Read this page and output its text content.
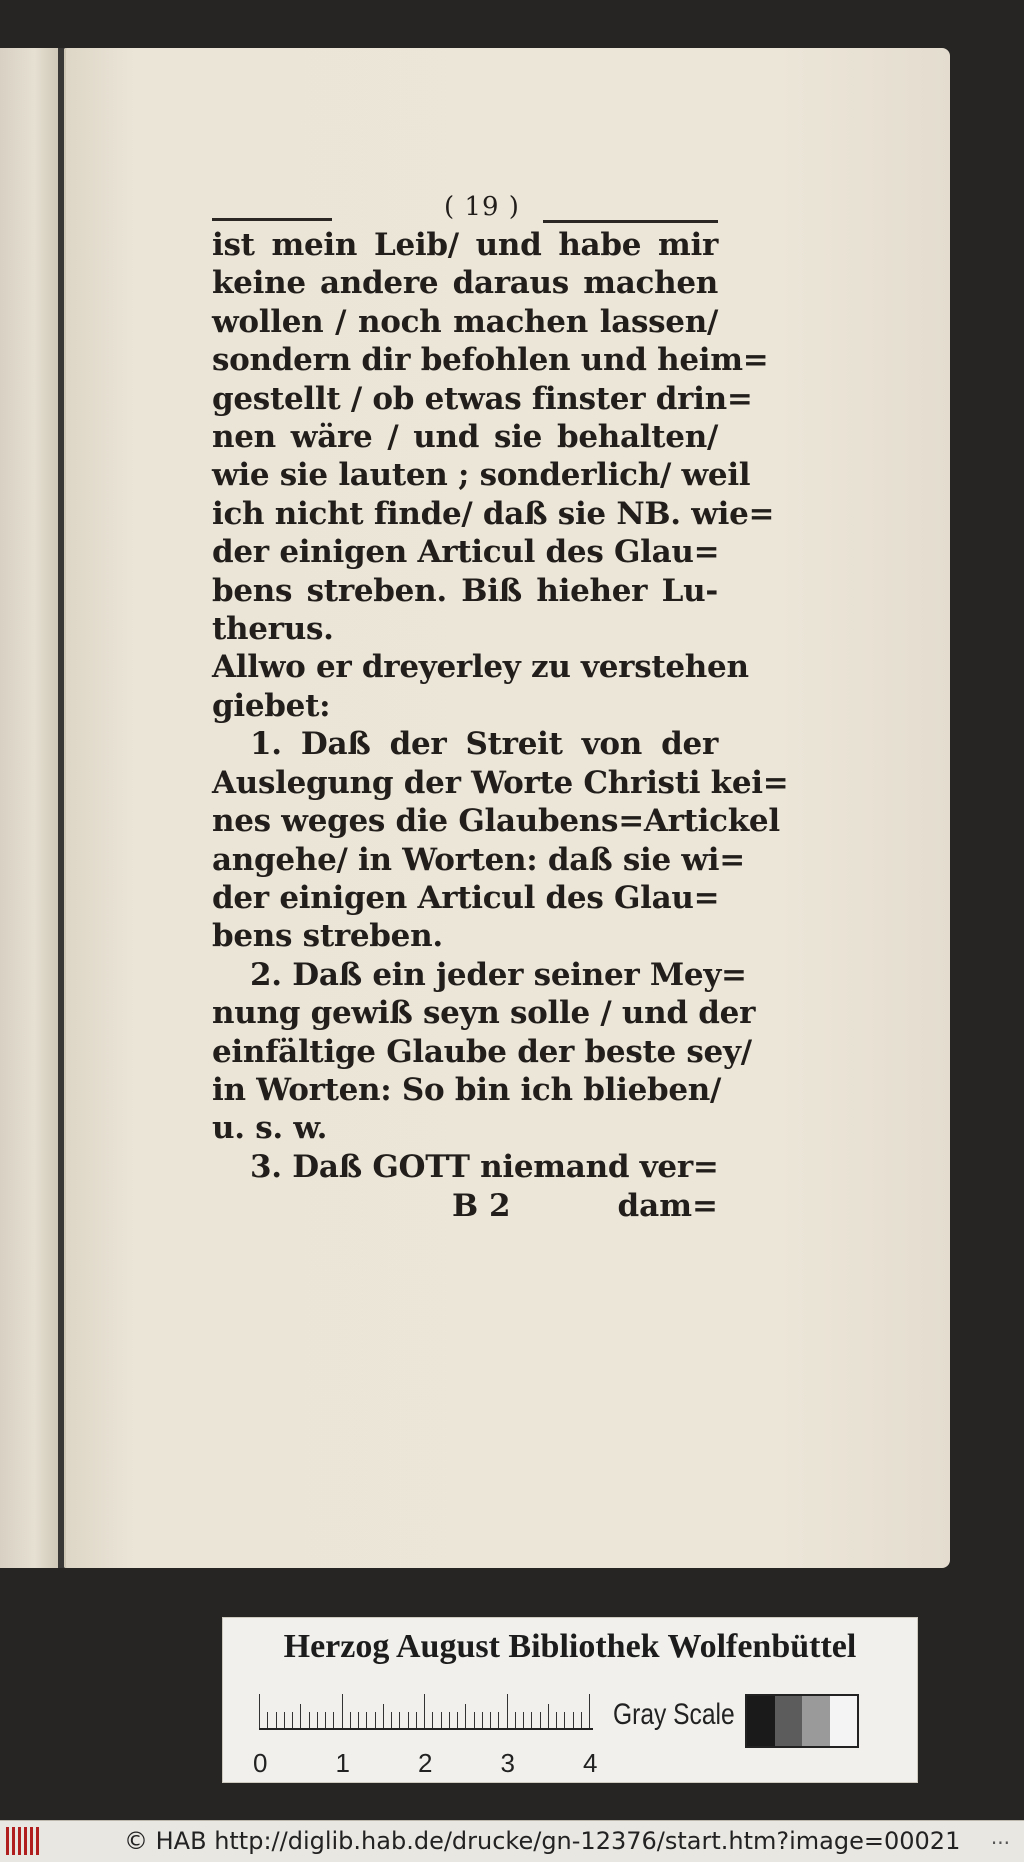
( 19 )
ist mein Leib/ und habe mir
keine andere daraus machen
wollen / noch machen lassen/
sondern dir befohlen und heim=
gestellt / ob etwas finster drin=
nen wäre / und sie behalten/
wie sie lauten ; sonderlich/ weil
ich nicht finde/ daß sie NB. wie=
der einigen Articul des Glau=
bens streben. Biß hieher Lu-
therus.
Allwo er dreyerley zu verstehen
giebet:
1. Daß der Streit von der
Auslegung der Worte Christi kei=
nes weges die Glaubens=Artickel
angehe/ in Worten: daß sie wi=
der einigen Articul des Glau=
bens streben.
2. Daß ein jeder seiner Mey=
nung gewiß seyn solle / und der
einfältige Glaube der beste sey/
in Worten: So bin ich blieben/
u. s. w.
3. Daß GOTT niemand ver=
B 2	dam=
Herzog August Bibliothek Wolfenbüttel
0	1	2	3	4
Gray Scale
© HAB http://diglib.hab.de/drucke/gn-12376/start.htm?image=00021 ...
